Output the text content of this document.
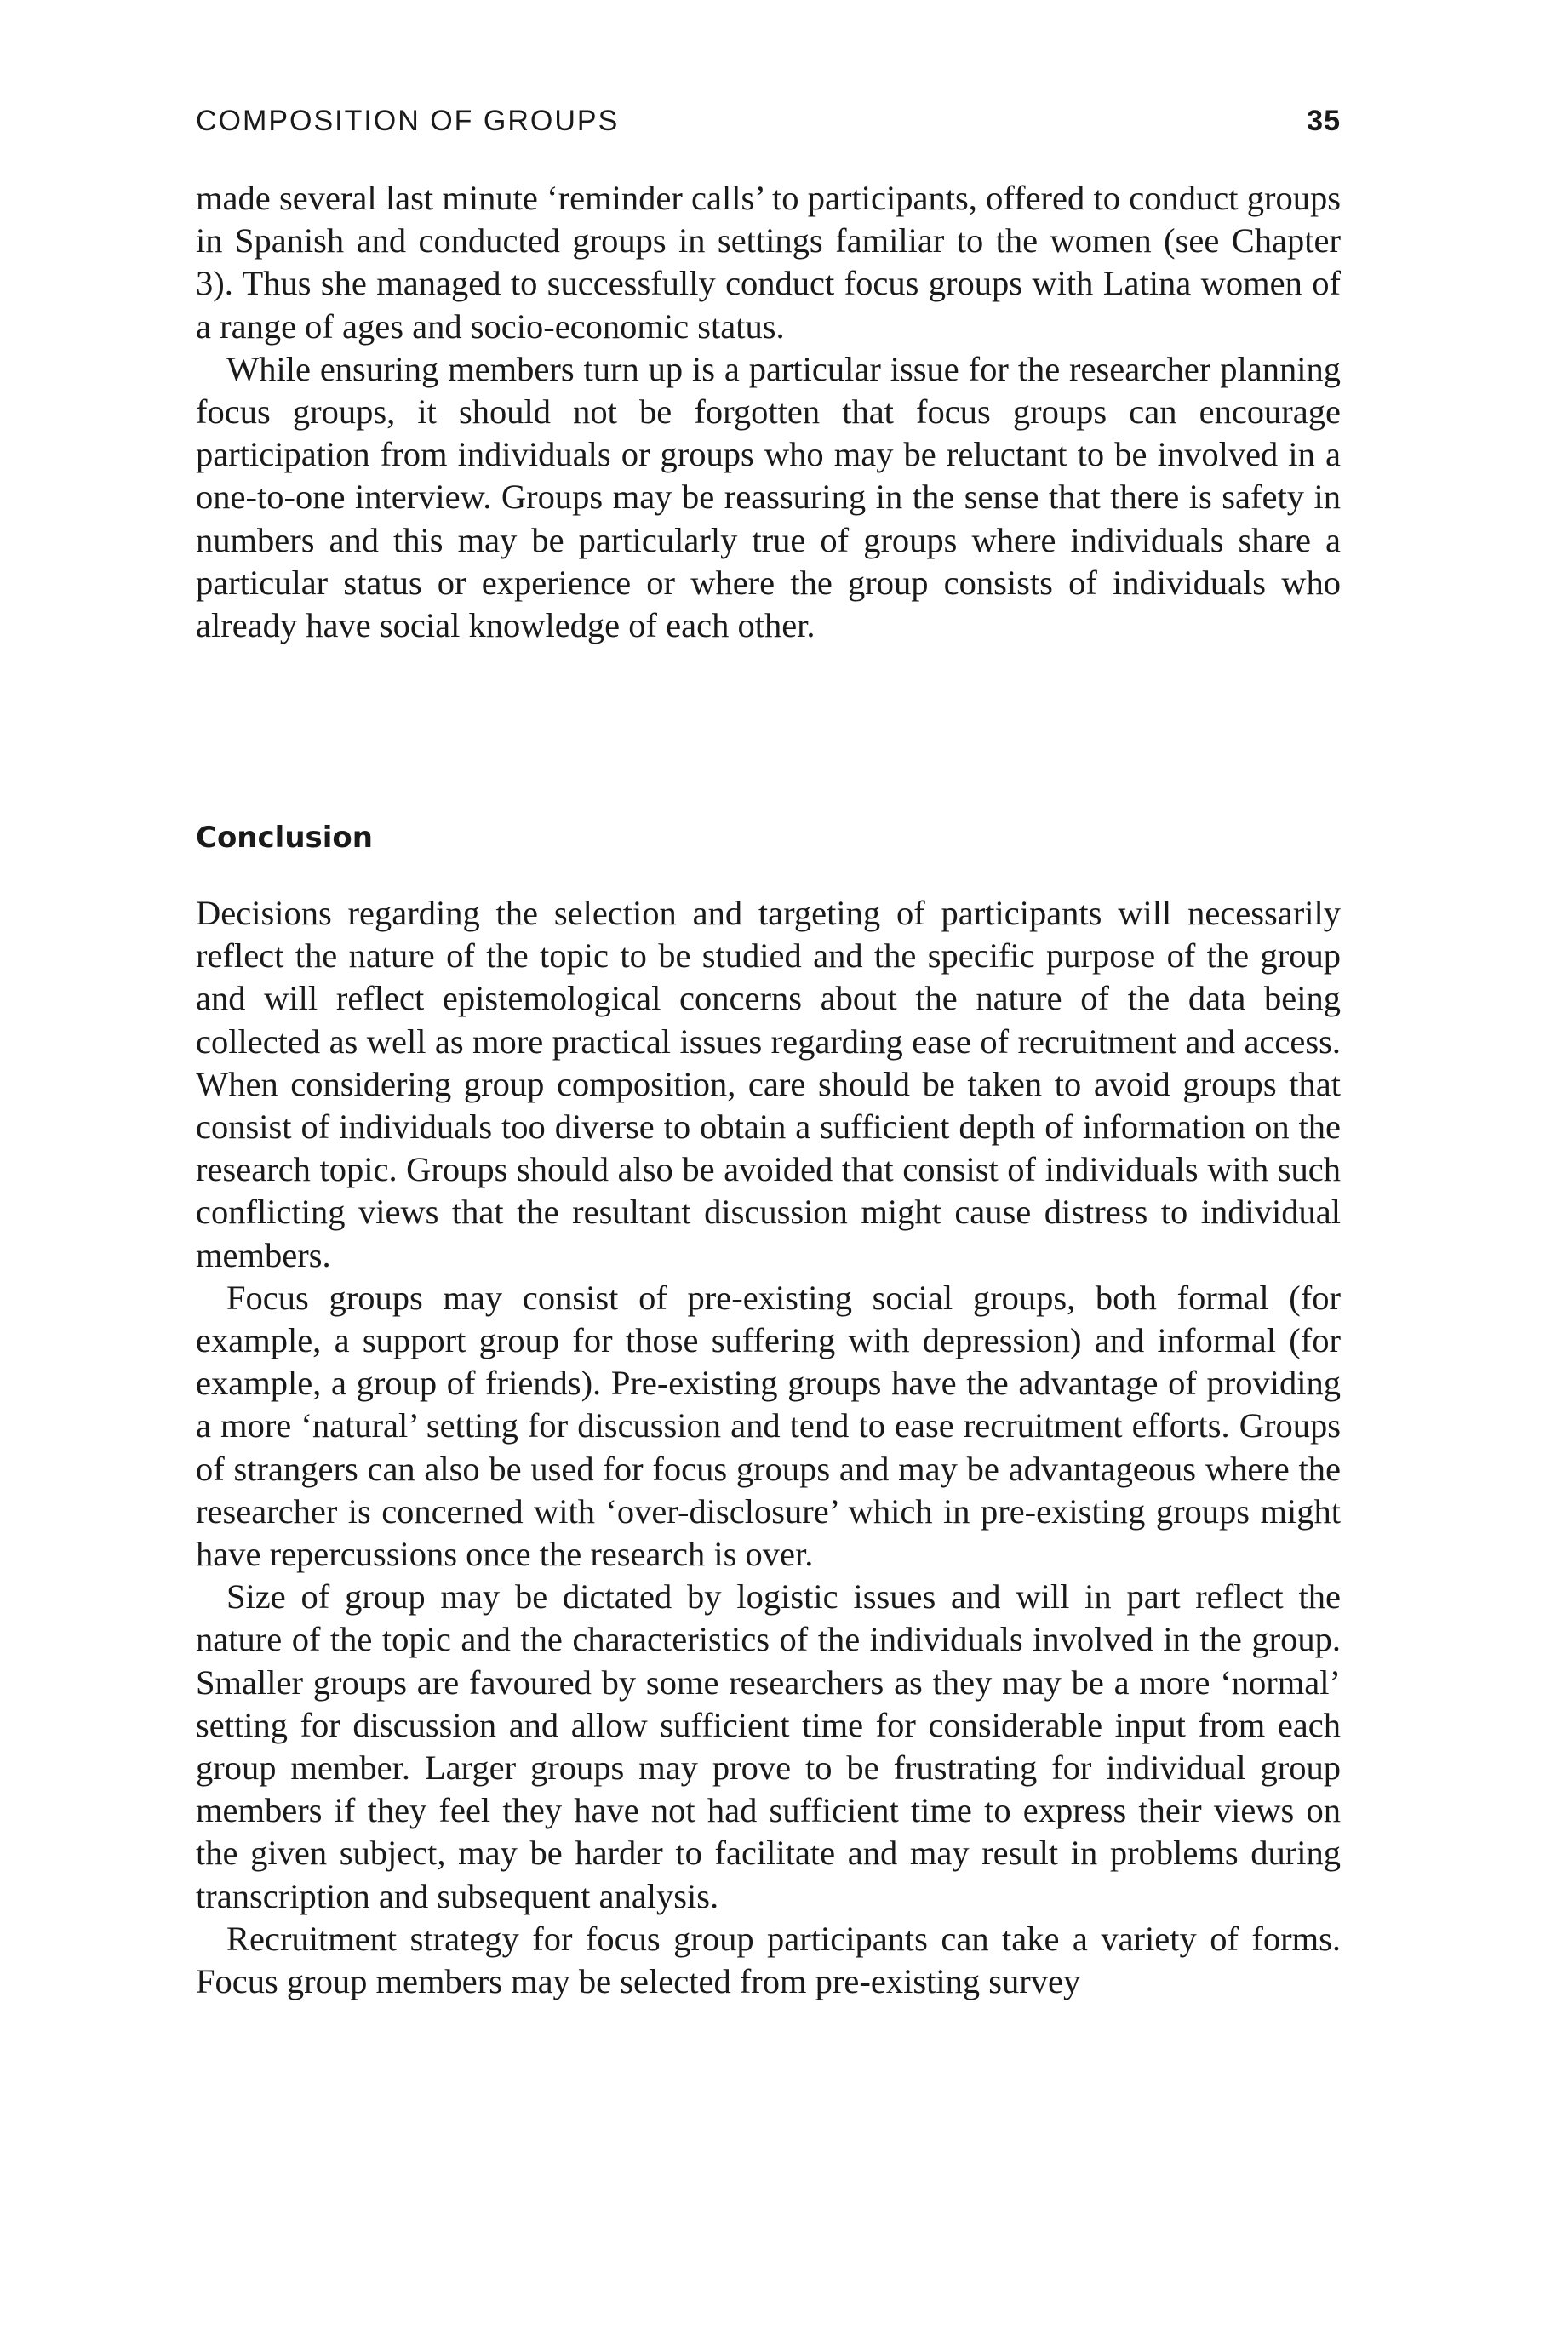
COMPOSITION OF GROUPS	35

made several last minute ‘reminder calls’ to participants, offered to conduct groups in Spanish and conducted groups in settings familiar to the women (see Chapter 3). Thus she managed to successfully conduct focus groups with Latina women of a range of ages and socio-economic status.

While ensuring members turn up is a particular issue for the researcher planning focus groups, it should not be forgotten that focus groups can encourage participation from individuals or groups who may be reluctant to be involved in a one-to-one interview. Groups may be reassuring in the sense that there is safety in numbers and this may be particularly true of groups where individuals share a particular status or experience or where the group consists of individuals who already have social knowledge of each other.

Conclusion

Decisions regarding the selection and targeting of participants will necessarily reflect the nature of the topic to be studied and the specific purpose of the group and will reflect epistemological concerns about the nature of the data being collected as well as more practical issues regarding ease of recruitment and access. When considering group composition, care should be taken to avoid groups that consist of individuals too diverse to obtain a sufficient depth of information on the research topic. Groups should also be avoided that consist of individuals with such conflicting views that the resultant discussion might cause distress to individual members.

Focus groups may consist of pre-existing social groups, both formal (for example, a support group for those suffering with depression) and informal (for example, a group of friends). Pre-existing groups have the advantage of providing a more ‘natural’ setting for discussion and tend to ease recruitment efforts. Groups of strangers can also be used for focus groups and may be advantageous where the researcher is concerned with ‘over-disclosure’ which in pre-existing groups might have repercussions once the research is over.

Size of group may be dictated by logistic issues and will in part reflect the nature of the topic and the characteristics of the individuals involved in the group. Smaller groups are favoured by some researchers as they may be a more ‘normal’ setting for discussion and allow sufficient time for considerable input from each group member. Larger groups may prove to be frustrating for individual group members if they feel they have not had sufficient time to express their views on the given subject, may be harder to facilitate and may result in problems during transcription and subsequent analysis.

Recruitment strategy for focus group participants can take a variety of forms. Focus group members may be selected from pre-existing survey
